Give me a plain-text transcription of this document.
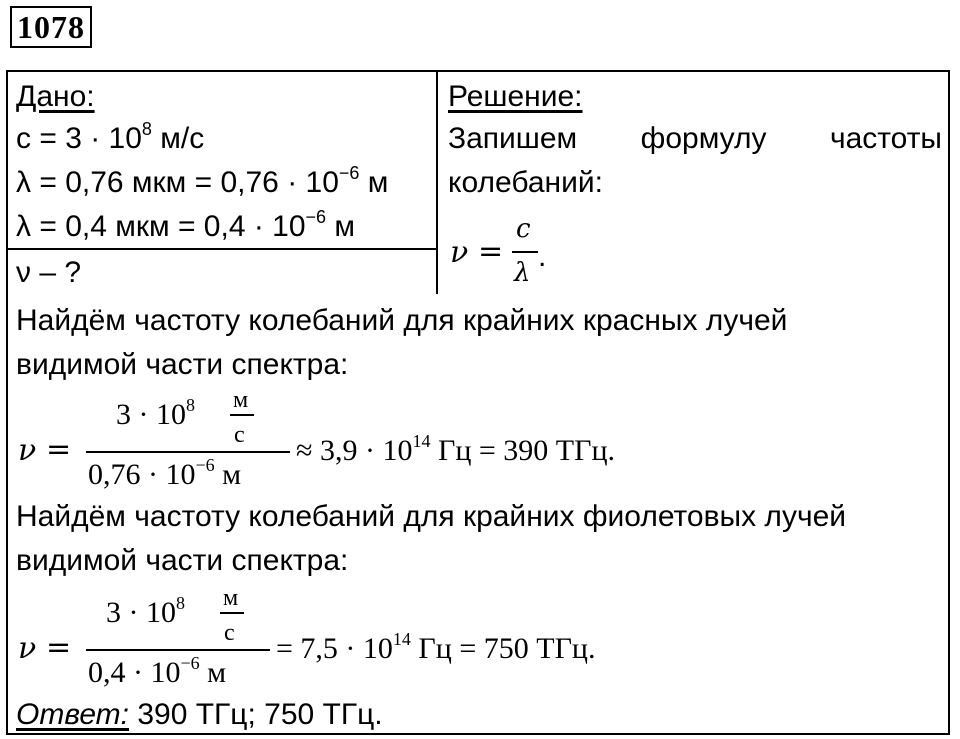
1078
Дано:
$c = 3 \cdot 10^8$ м/с
λ = 0,76 мкм = $0,76 \cdot 10^{-6}$ м
λ = 0,4 мкм = $0,4 \cdot 10^{-6}$ м
ν – ?
Решение:
Запишем формулу частоты
колебаний:
ν =
c
λ .
Найдём частоту колебаний для крайних красных лучей
видимой части спектра:
ν =
$3 \cdot 10^8$ м
с
$0,76 \cdot 10^{-6}$ м
≈ $3,9 \cdot 10^{14}$ Гц = 390 ТГц.
Найдём частоту колебаний для крайних фиолетовых лучей
видимой части спектра:
ν =
$3 \cdot 10^8$ м
с
$0,4 \cdot 10^{-6}$ м
= $7,5 \cdot 10^{14}$ Гц = 750 ТГц.
Ответ: 390 ТГц; 750 ТГц.
